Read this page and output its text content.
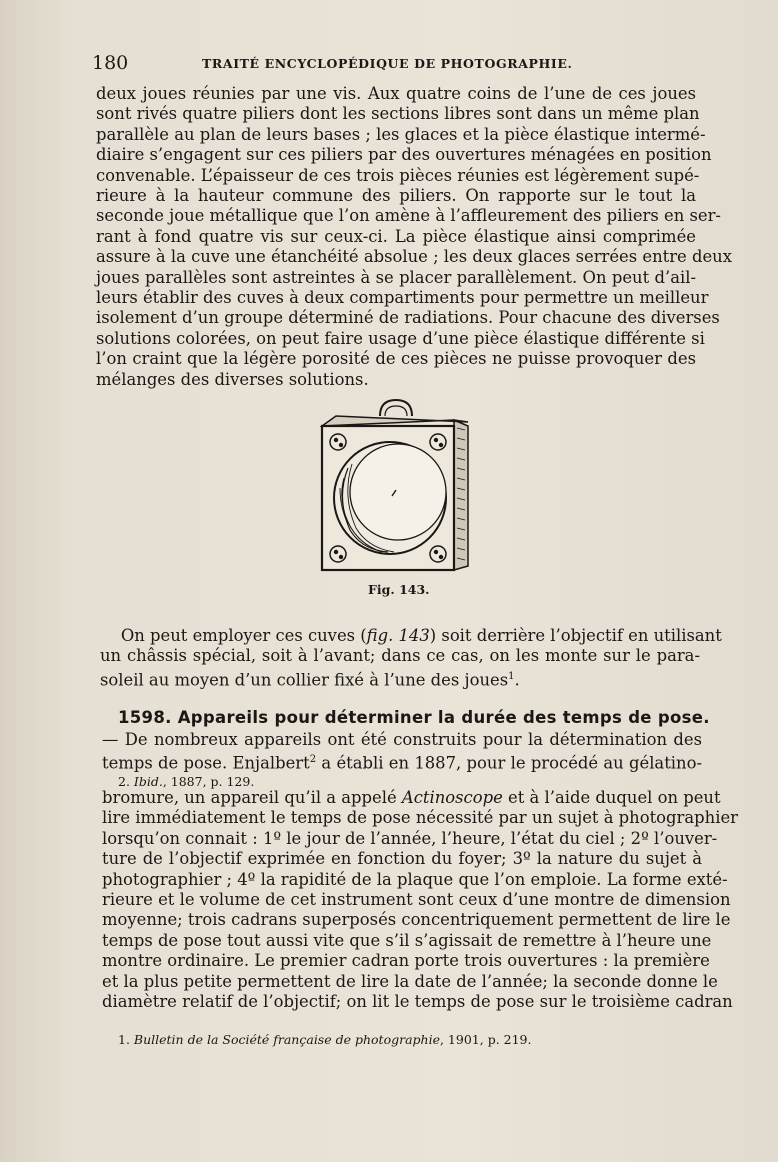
180	TRAITÉ ENCYCLOPÉDIQUE DE PHOTOGRAPHIE.
deux joues réunies par une vis. Aux quatre coins de l’une de ces joues
sont rivés quatre piliers dont les sections libres sont dans un même plan
parallèle au plan de leurs bases ; les glaces et la pièce élastique intermé-
diaire s’engagent sur ces piliers par des ouvertures ménagées en position
convenable. L’épaisseur de ces trois pièces réunies est légèrement supé-
rieure à la hauteur commune des piliers. On rapporte sur le tout la
seconde joue métallique que l’on amène à l’affleurement des piliers en ser-
rant à fond quatre vis sur ceux-ci. La pièce élastique ainsi comprimée
assure à la cuve une étanchéité absolue ; les deux glaces serrées entre deux
joues parallèles sont astreintes à se placer parallèlement. On peut d’ail-
leurs établir des cuves à deux compartiments pour permettre un meilleur
isolement d’un groupe déterminé de radiations. Pour chacune des diverses
solutions colorées, on peut faire usage d’une pièce élastique différente si
l’on craint que la légère porosité de ces pièces ne puisse provoquer des
mélanges des diverses solutions.
Fig. 143.
On peut employer ces cuves (fig. 143) soit derrière l’objectif en utilisant
un châssis spécial, soit à l’avant; dans ce cas, on les monte sur le para-
soleil au moyen d’un collier fixé à l’une des joues$^1$.
1598. Appareils pour déterminer la durée des temps de pose.
— De nombreux appareils ont été construits pour la détermination des
temps de pose. Enjalbert$^2$ a établi en 1887, pour le procédé au gélatino-
2. Ibid., 1887, p. 129.
bromure, un appareil qu’il a appelé Actinoscope et à l’aide duquel on peut
lire immédiatement le temps de pose nécessité par un sujet à photographier
lorsqu’on connait : 1º le jour de l’année, l’heure, l’état du ciel ; 2º l’ouver-
ture de l’objectif exprimée en fonction du foyer; 3º la nature du sujet à
photographier ; 4º la rapidité de la plaque que l’on emploie. La forme exté-
rieure et le volume de cet instrument sont ceux d’une montre de dimension
moyenne; trois cadrans superposés concentriquement permettent de lire le
temps de pose tout aussi vite que s’il s’agissait de remettre à l’heure une
montre ordinaire. Le premier cadran porte trois ouvertures : la première
et la plus petite permettent de lire la date de l’année; la seconde donne le
diamètre relatif de l’objectif; on lit le temps de pose sur le troisième cadran
1. Bulletin de la Société française de photographie, 1901, p. 219.
